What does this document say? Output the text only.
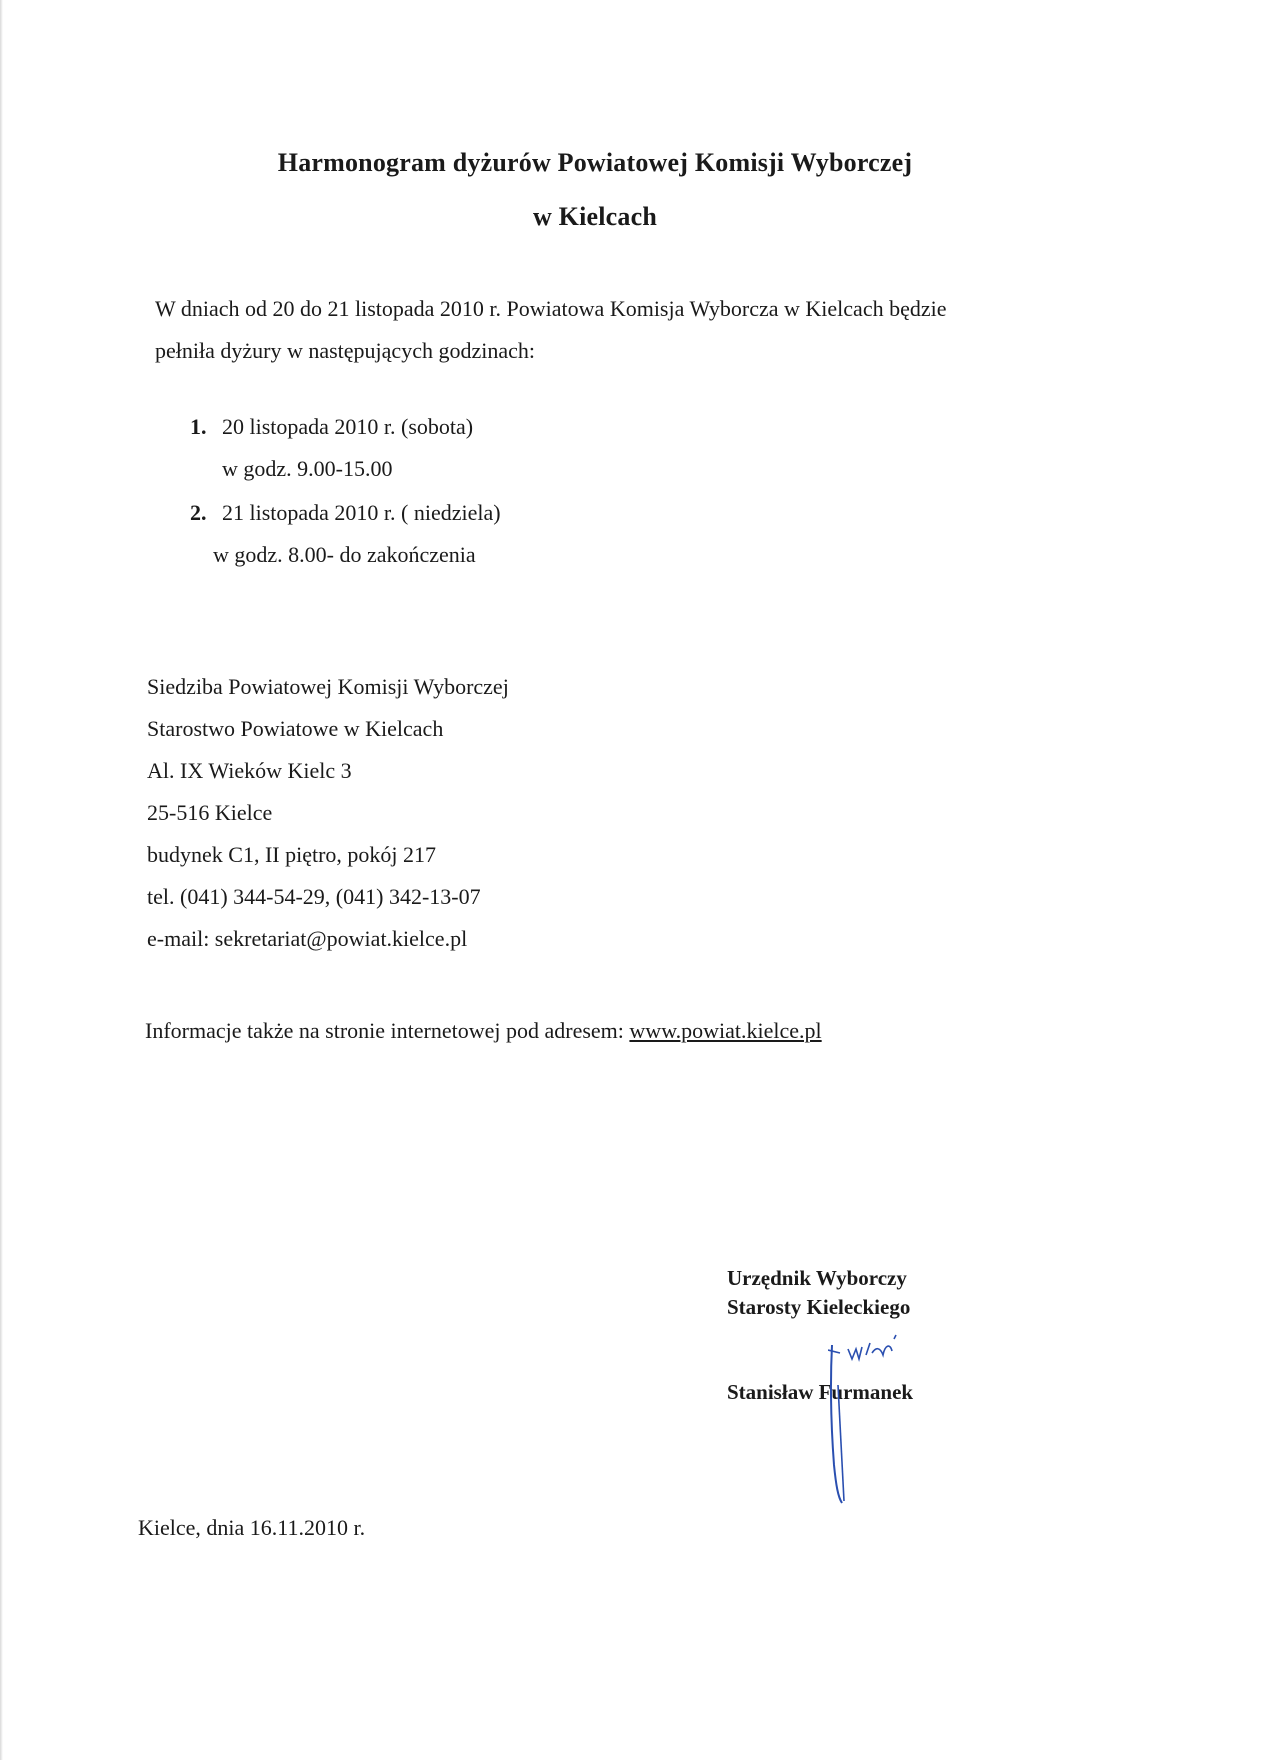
Harmonogram dyżurów Powiatowej Komisji Wyborczej
w Kielcach
W dniach od 20 do 21 listopada 2010 r. Powiatowa Komisja Wyborcza w Kielcach będzie
pełniła dyżury w następujących godzinach:
1. 20 listopada 2010 r. (sobota)
w godz. 9.00-15.00
2. 21 listopada 2010 r. ( niedziela)
w godz. 8.00- do zakończenia
Siedziba Powiatowej Komisji Wyborczej
Starostwo Powiatowe w Kielcach
Al. IX Wieków Kielc 3
25-516 Kielce
budynek C1, II piętro, pokój 217
tel. (041) 344-54-29, (041) 342-13-07
e-mail: sekretariat@powiat.kielce.pl
Informacje także na stronie internetowej pod adresem: www.powiat.kielce.pl
Urzędnik Wyborczy
Starosty Kieleckiego
Stanisław Furmanek
Kielce, dnia 16.11.2010 r.
